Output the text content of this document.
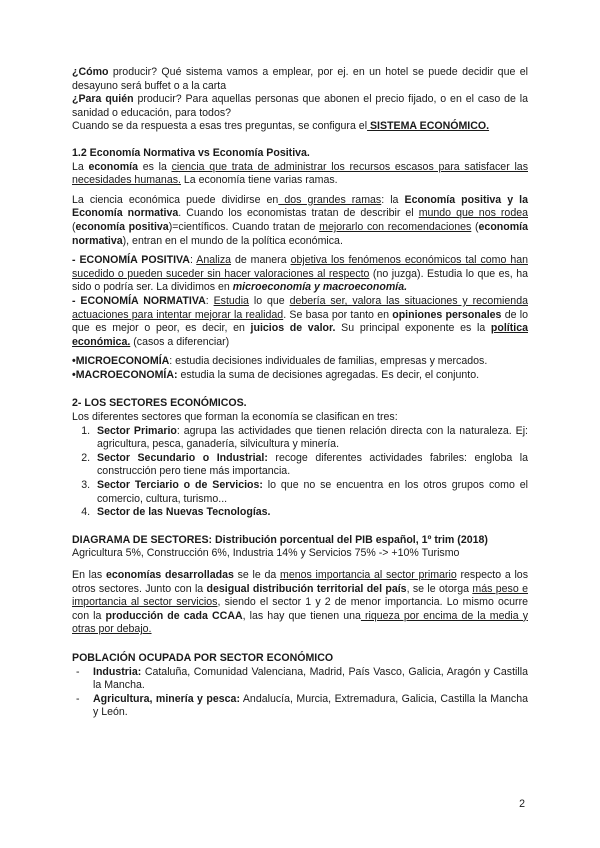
¿Cómo producir? Qué sistema vamos a emplear, por ej. en un hotel se puede decidir que el desayuno será buffet o a la carta

¿Para quién producir? Para aquellas personas que abonen el precio fijado, o en el caso de la sanidad o educación, para todos?

Cuando se da respuesta a esas tres preguntas, se configura el SISTEMA ECONÓMICO.

1.2 Economía Normativa vs Economía Positiva.

La economía es la ciencia que trata de administrar los recursos escasos para satisfacer las necesidades humanas. La economía tiene varias ramas.

La ciencia económica puede dividirse en dos grandes ramas: la Economía positiva y la Economía normativa. Cuando los economistas tratan de describir el mundo que nos rodea (economía positiva)=científicos. Cuando tratan de mejorarlo con recomendaciones (economía normativa), entran en el mundo de la política económica.

- ECONOMÍA POSITIVA: Analiza de manera objetiva los fenómenos económicos tal como han sucedido o pueden suceder sin hacer valoraciones al respecto (no juzga). Estudia lo que es, ha sido o podría ser. La dividimos en microeconomía y macroeconomía.

- ECONOMÍA NORMATIVA: Estudia lo que debería ser, valora las situaciones y recomienda actuaciones para intentar mejorar la realidad. Se basa por tanto en opiniones personales de lo que es mejor o peor, es decir, en juicios de valor. Su principal exponente es la política económica. (casos a diferenciar)

•MICROECONOMÍA: estudia decisiones individuales de familias, empresas y mercados.

•MACROECONOMÍA: estudia la suma de decisiones agregadas. Es decir, el conjunto.

2- LOS SECTORES ECONÓMICOS.

Los diferentes sectores que forman la economía se clasifican en tres:

1. Sector Primario: agrupa las actividades que tienen relación directa con la naturaleza. Ej: agricultura, pesca, ganadería, silvicultura y minería.
2. Sector Secundario o Industrial: recoge diferentes actividades fabriles: engloba la construcción pero tiene más importancia.
3. Sector Terciario o de Servicios: lo que no se encuentra en los otros grupos como el comercio, cultura, turismo...
4. Sector de las Nuevas Tecnologías.

DIAGRAMA DE SECTORES: Distribución porcentual del PIB español, 1º trim (2018)

Agricultura 5%, Construcción 6%, Industria 14% y Servicios 75% -> +10% Turismo

En las economías desarrolladas se le da menos importancia al sector primario respecto a los otros sectores. Junto con la desigual distribución territorial del país, se le otorga más peso e importancia al sector servicios, siendo el sector 1 y 2 de menor importancia. Lo mismo ocurre con la producción de cada CCAA, las hay que tienen una riqueza por encima de la media y otras por debajo.

POBLACIÓN OCUPADA POR SECTOR ECONÓMICO

- Industria: Cataluña, Comunidad Valenciana, Madrid, País Vasco, Galicia, Aragón y Castilla la Mancha.
- Agricultura, minería y pesca: Andalucía, Murcia, Extremadura, Galicia, Castilla la Mancha y León.
2
